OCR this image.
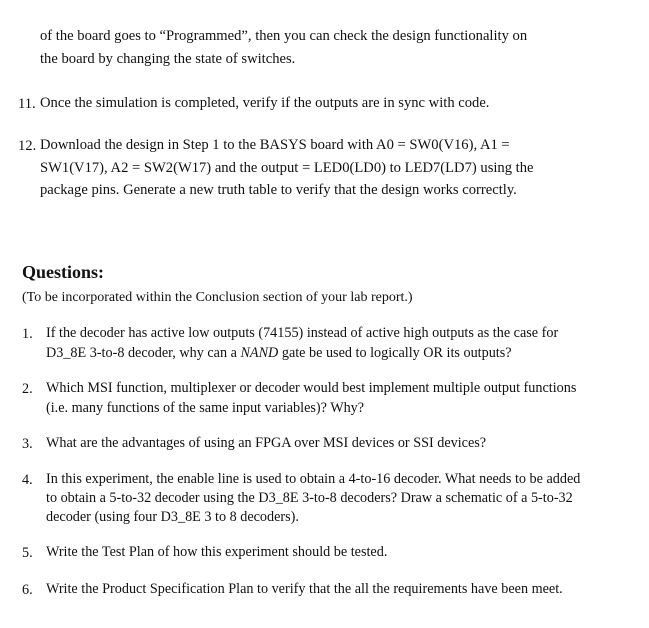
of the board goes to “Programmed”, then you can check the design functionality on
the board by changing the state of switches.
11. Once the simulation is completed, verify if the outputs are in sync with code.
12. Download the design in Step 1 to the BASYS board with A0 = SW0(V16), A1 =
SW1(V17), A2 = SW2(W17) and the output = LED0(LD0) to LED7(LD7) using the
package pins. Generate a new truth table to verify that the design works correctly.
Questions:
(To be incorporated within the Conclusion section of your lab report.)
1. If the decoder has active low outputs (74155) instead of active high outputs as the case for
D3_8E 3-to-8 decoder, why can a NAND gate be used to logically OR its outputs?
2. Which MSI function, multiplexer or decoder would best implement multiple output functions
(i.e. many functions of the same input variables)? Why?
3. What are the advantages of using an FPGA over MSI devices or SSI devices?
4. In this experiment, the enable line is used to obtain a 4-to-16 decoder. What needs to be added
to obtain a 5-to-32 decoder using the D3_8E 3-to-8 decoders? Draw a schematic of a 5-to-32
decoder (using four D3_8E 3 to 8 decoders).
5. Write the Test Plan of how this experiment should be tested.
6. Write the Product Specification Plan to verify that the all the requirements have been meet.
